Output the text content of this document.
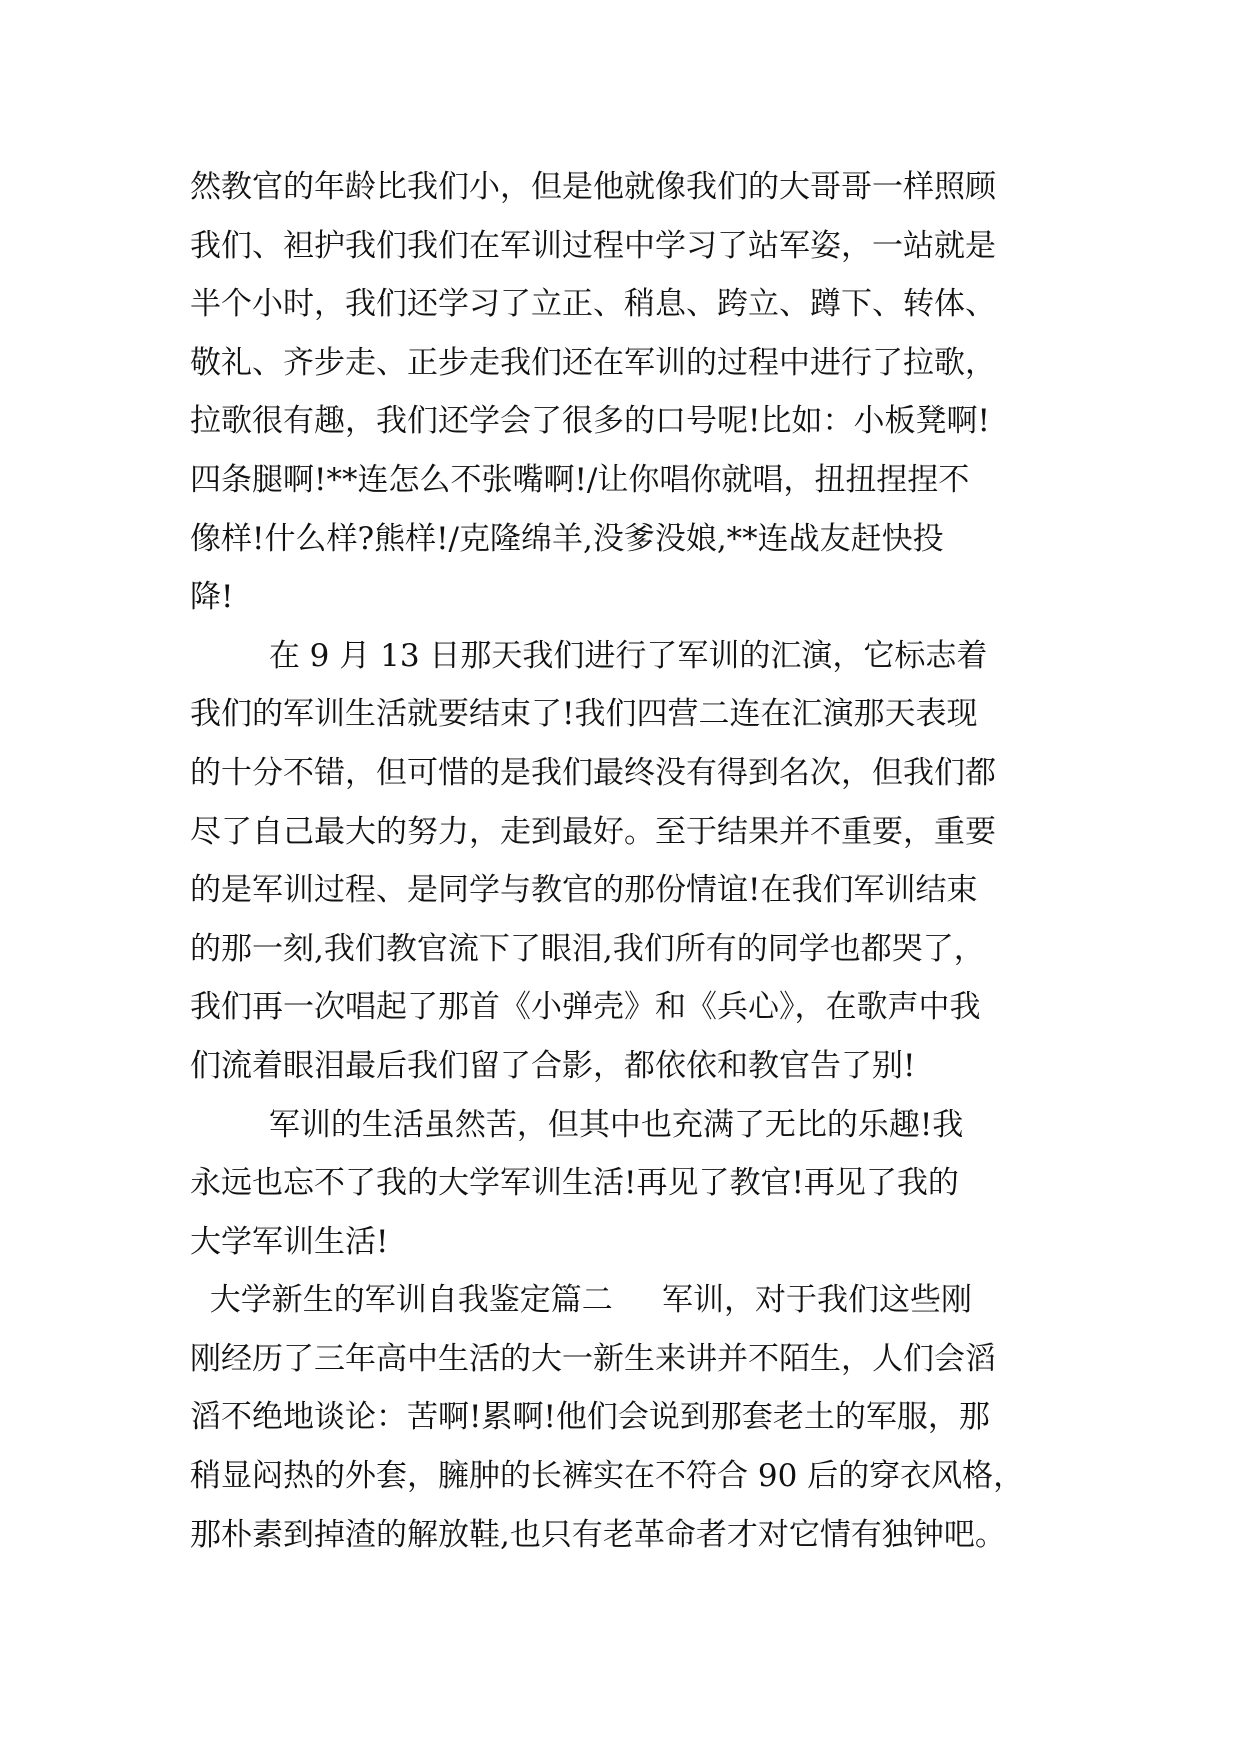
然教官的年龄比我们小，但是他就像我们的大哥哥一样照顾
我们、袒护我们我们在军训过程中学习了站军姿，一站就是
半个小时，我们还学习了立正、稍息、跨立、蹲下、转体、
敬礼、齐步走、正步走我们还在军训的过程中进行了拉歌，
拉歌很有趣，我们还学会了很多的口号呢!比如：小板凳啊!
四条腿啊!**连怎么不张嘴啊!/让你唱你就唱，扭扭捏捏不
像样!什么样?熊样!/克隆绵羊,没爹没娘,**连战友赶快投
降!
在 9 月 13 日那天我们进行了军训的汇演，它标志着
我们的军训生活就要结束了!我们四营二连在汇演那天表现
的十分不错，但可惜的是我们最终没有得到名次，但我们都
尽了自己最大的努力，走到最好。至于结果并不重要，重要
的是军训过程、是同学与教官的那份情谊!在我们军训结束
的那一刻,我们教官流下了眼泪,我们所有的同学也都哭了，
我们再一次唱起了那首《小弹壳》和《兵心》，在歌声中我
们流着眼泪最后我们留了合影，都依依和教官告了别!
军训的生活虽然苦，但其中也充满了无比的乐趣!我
永远也忘不了我的大学军训生活!再见了教官!再见了我的
大学军训生活!
大学新生的军训自我鉴定篇二     军训，对于我们这些刚
刚经历了三年高中生活的大一新生来讲并不陌生，人们会滔
滔不绝地谈论：苦啊!累啊!他们会说到那套老土的军服，那
稍显闷热的外套，臃肿的长裤实在不符合 90 后的穿衣风格，
那朴素到掉渣的解放鞋,也只有老革命者才对它情有独钟吧。
